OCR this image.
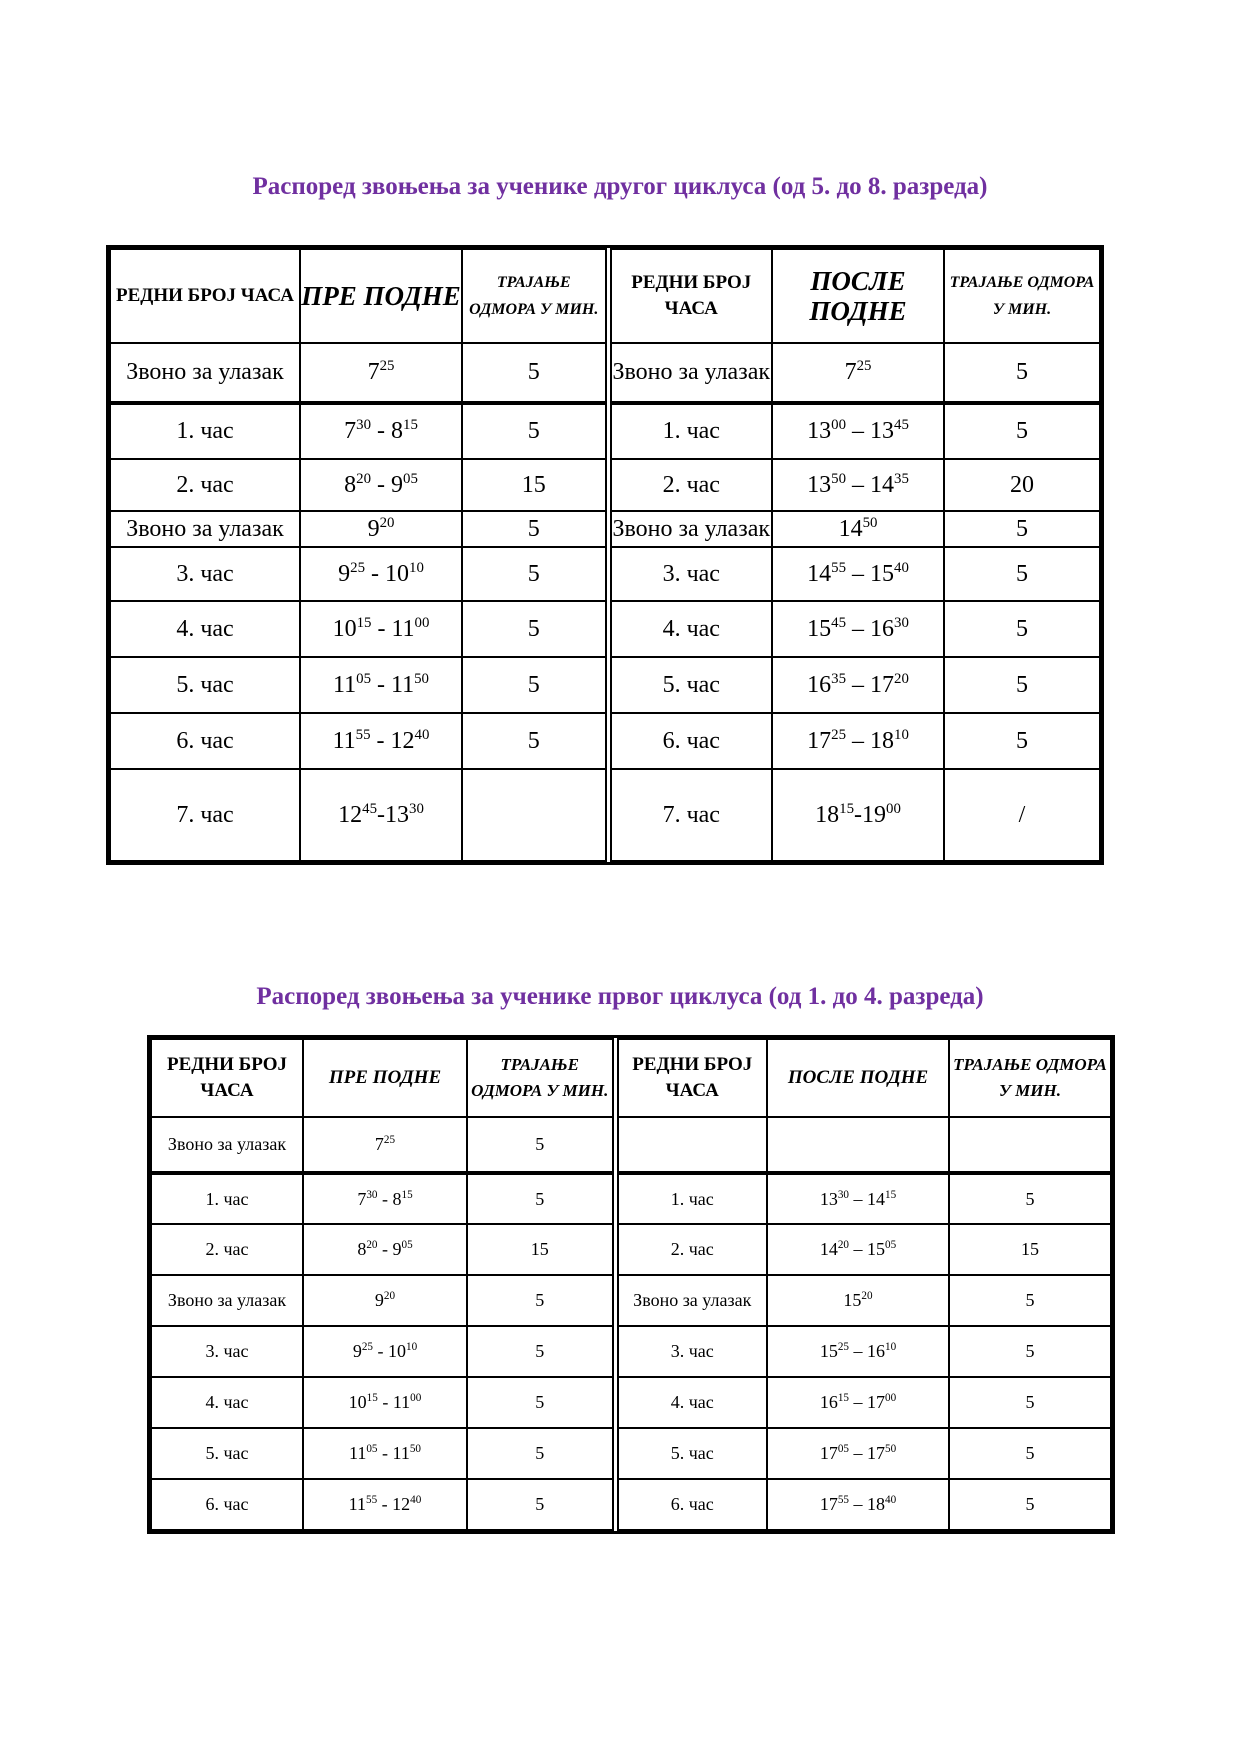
Распоред звоњења за ученике другог циклуса (од 5. до 8. разреда)
РЕДНИ БРОЈ ЧАСА	ПРЕ ПОДНЕ	ТРАЈАЊЕ ОДМОРА У МИН.	РЕДНИ БРОЈ ЧАСА	ПОСЛЕ ПОДНЕ	ТРАЈАЊЕ ОДМОРА У МИН.
Звоно за улазак	$7^{25}$	5	Звоно за улазак	$7^{25}$	5
1. час	$7^{30} - 8^{15}$	5	1. час	$13^{00} - 13^{45}$	5
2. час	$8^{20} - 9^{05}$	15	2. час	$13^{50} - 14^{35}$	20
Звоно за улазак	$9^{20}$	5	Звоно за улазак	$14^{50}$	5
3. час	$9^{25} - 10^{10}$	5	3. час	$14^{55} - 15^{40}$	5
4. час	$10^{15} - 11^{00}$	5	4. час	$15^{45} - 16^{30}$	5
5. час	$11^{05} - 11^{50}$	5	5. час	$16^{35} - 17^{20}$	5
6. час	$11^{55} - 12^{40}$	5	6. час	$17^{25} - 18^{10}$	5
7. час	$12^{45}-13^{30}$		7. час	$18^{15}-19^{00}$	/
Распоред звоњења за ученике првог циклуса (од 1. до 4. разреда)
РЕДНИ БРОЈ ЧАСА	ПРЕ ПОДНЕ	ТРАЈАЊЕ ОДМОРА У МИН.	РЕДНИ БРОЈ ЧАСА	ПОСЛЕ ПОДНЕ	ТРАЈАЊЕ ОДМОРА У МИН.
Звоно за улазак	$7^{25}$	5			
1. час	$7^{30} - 8^{15}$	5	1. час	$13^{30} - 14^{15}$	5
2. час	$8^{20} - 9^{05}$	15	2. час	$14^{20} - 15^{05}$	15
Звоно за улазак	$9^{20}$	5	Звоно за улазак	$15^{20}$	5
3. час	$9^{25} - 10^{10}$	5	3. час	$15^{25} - 16^{10}$	5
4. час	$10^{15} - 11^{00}$	5	4. час	$16^{15} - 17^{00}$	5
5. час	$11^{05} - 11^{50}$	5	5. час	$17^{05} - 17^{50}$	5
6. час	$11^{55} - 12^{40}$	5	6. час	$17^{55} - 18^{40}$	5
